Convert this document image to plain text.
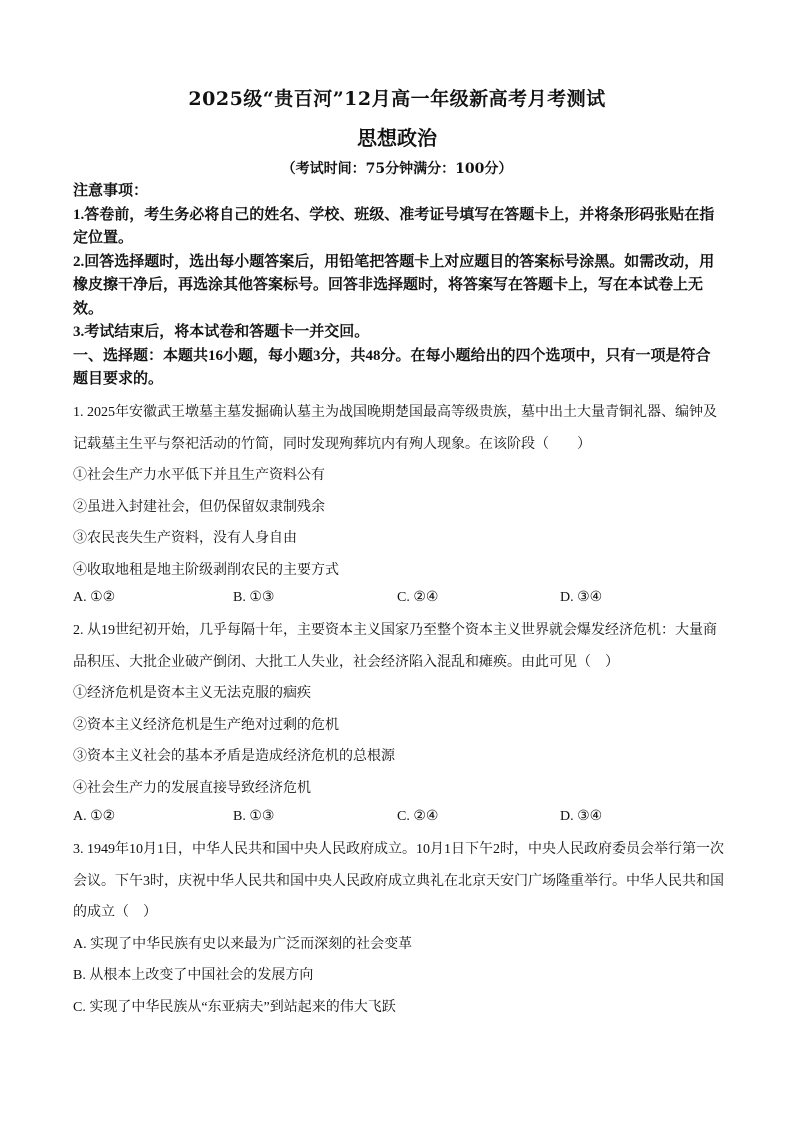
2025级“贵百河”12月高一年级新高考月考测试
思想政治
（考试时间：75分钟满分：100分）

注意事项：

1.答卷前，考生务必将自己的姓名、学校、班级、准考证号填写在答题卡上，并将条形码张贴在指定位置。

2.回答选择题时，选出每小题答案后，用铅笔把答题卡上对应题目的答案标号涂黑。如需改动，用橡皮擦干净后，再选涂其他答案标号。回答非选择题时，将答案写在答题卡上，写在本试卷上无效。

3.考试结束后，将本试卷和答题卡一并交回。

一、选择题：本题共16小题，每小题3分，共48分。在每小题给出的四个选项中，只有一项是符合题目要求的。

1. 2025年安徽武王墩墓主墓发掘确认墓主为战国晚期楚国最高等级贵族，墓中出土大量青铜礼器、编钟及记载墓主生平与祭祀活动的竹简，同时发现殉葬坑内有殉人现象。在该阶段（　　）

①社会生产力水平低下并且生产资料公有

②虽进入封建社会，但仍保留奴隶制残余

③农民丧失生产资料，没有人身自由

④收取地租是地主阶级剥削农民的主要方式

A. ①②	B. ①③	C. ②④	D. ③④

2. 从19世纪初开始，几乎每隔十年，主要资本主义国家乃至整个资本主义世界就会爆发经济危机：大量商品积压、大批企业破产倒闭、大批工人失业，社会经济陷入混乱和瘫痪。由此可见（　）

①经济危机是资本主义无法克服的痼疾

②资本主义经济危机是生产绝对过剩的危机

③资本主义社会的基本矛盾是造成经济危机的总根源

④社会生产力的发展直接导致经济危机

A. ①②	B. ①③	C. ②④	D. ③④

3. 1949年10月1日，中华人民共和国中央人民政府成立。10月1日下午2时，中央人民政府委员会举行第一次会议。下午3时，庆祝中华人民共和国中央人民政府成立典礼在北京天安门广场隆重举行。中华人民共和国的成立（　）

A. 实现了中华民族有史以来最为广泛而深刻的社会变革

B. 从根本上改变了中国社会的发展方向

C. 实现了中华民族从“东亚病夫”到站起来的伟大飞跃
